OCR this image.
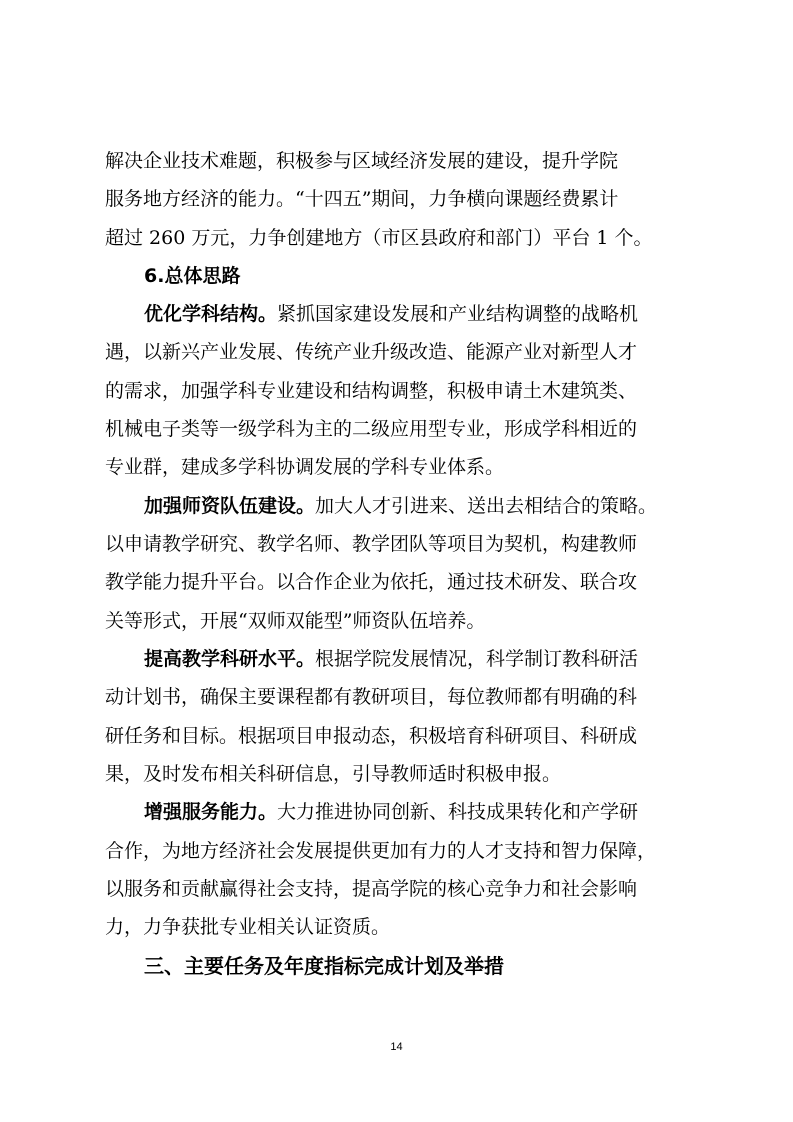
解决企业技术难题，积极参与区域经济发展的建设，提升学院
服务地方经济的能力。“十四五”期间，力争横向课题经费累计
超过 260 万元，力争创建地方（市区县政府和部门）平台 1 个。
6.总体思路
优化学科结构。紧抓国家建设发展和产业结构调整的战略机
遇，以新兴产业发展、传统产业升级改造、能源产业对新型人才
的需求，加强学科专业建设和结构调整，积极申请土木建筑类、
机械电子类等一级学科为主的二级应用型专业，形成学科相近的
专业群，建成多学科协调发展的学科专业体系。
加强师资队伍建设。加大人才引进来、送出去相结合的策略。
以申请教学研究、教学名师、教学团队等项目为契机，构建教师
教学能力提升平台。以合作企业为依托，通过技术研发、联合攻
关等形式，开展“双师双能型”师资队伍培养。
提高教学科研水平。根据学院发展情况，科学制订教科研活
动计划书，确保主要课程都有教研项目，每位教师都有明确的科
研任务和目标。根据项目申报动态，积极培育科研项目、科研成
果，及时发布相关科研信息，引导教师适时积极申报。
增强服务能力。大力推进协同创新、科技成果转化和产学研
合作，为地方经济社会发展提供更加有力的人才支持和智力保障，
以服务和贡献赢得社会支持，提高学院的核心竞争力和社会影响
力，力争获批专业相关认证资质。
三、主要任务及年度指标完成计划及举措
14
